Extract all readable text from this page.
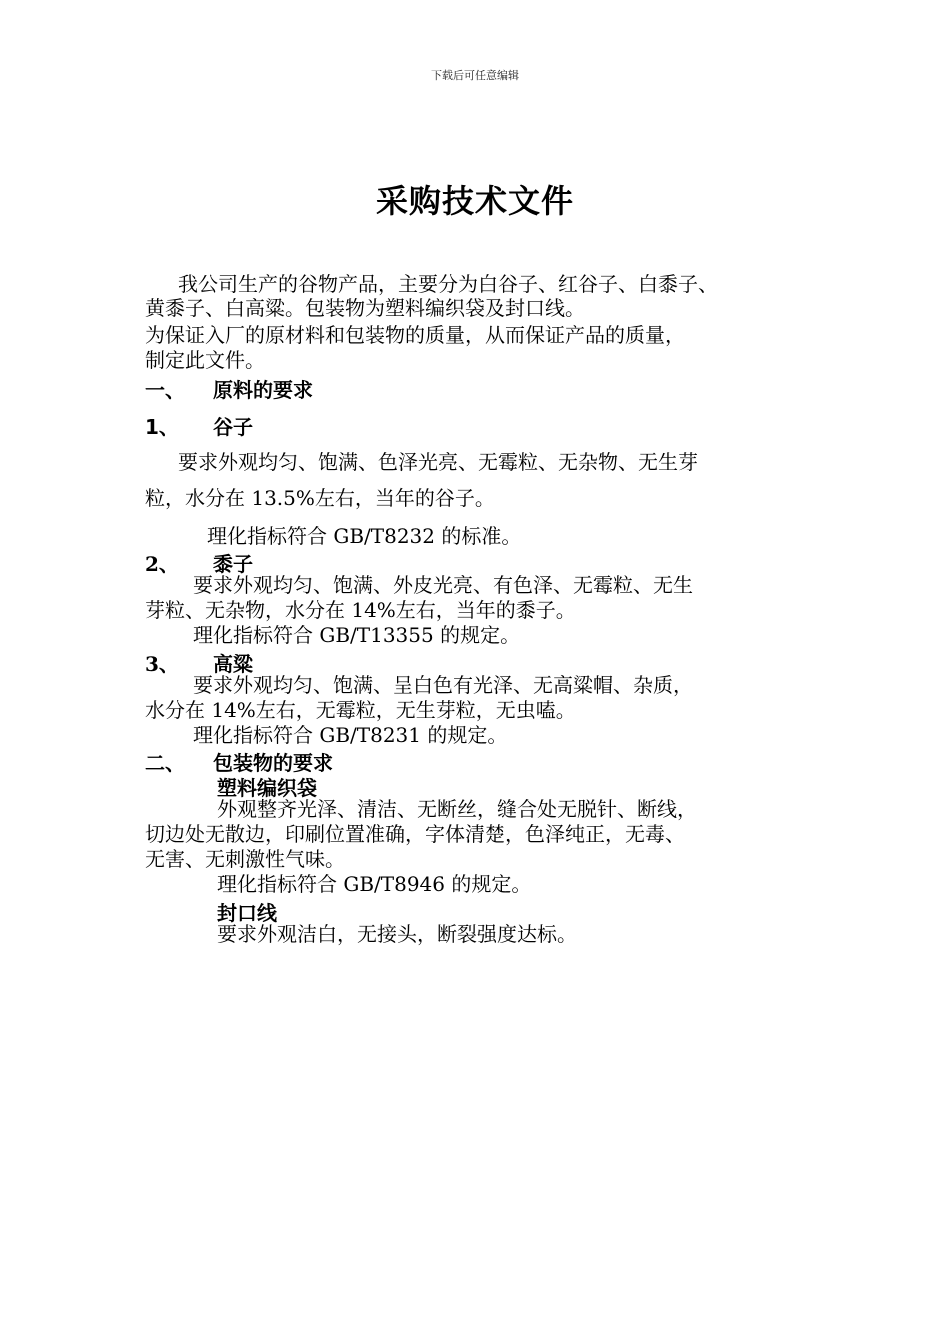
下载后可任意编辑
采购技术文件
我公司生产的谷物产品，主要分为白谷子、红谷子、白黍子、
黄黍子、白高粱。包装物为塑料编织袋及封口线。
为保证入厂的原材料和包装物的质量，从而保证产品的质量，
制定此文件。
一、 原料的要求
1、 谷子
要求外观均匀、饱满、色泽光亮、无霉粒、无杂物、无生芽
粒，水分在 13.5%左右，当年的谷子。
理化指标符合 GB/T8232 的标准。
2、 黍子
要求外观均匀、饱满、外皮光亮、有色泽、无霉粒、无生
芽粒、无杂物，水分在 14%左右，当年的黍子。
理化指标符合 GB/T13355 的规定。
3、 高粱
要求外观均匀、饱满、呈白色有光泽、无高粱帽、杂质，
水分在 14%左右，无霉粒，无生芽粒，无虫嗑。
理化指标符合 GB/T8231 的规定。
二、 包装物的要求
塑料编织袋
外观整齐光泽、清洁、无断丝，缝合处无脱针、断线，
切边处无散边，印刷位置准确，字体清楚，色泽纯正，无毒、
无害、无刺激性气味。
理化指标符合 GB/T8946 的规定。
封口线
要求外观洁白，无接头，断裂强度达标。
